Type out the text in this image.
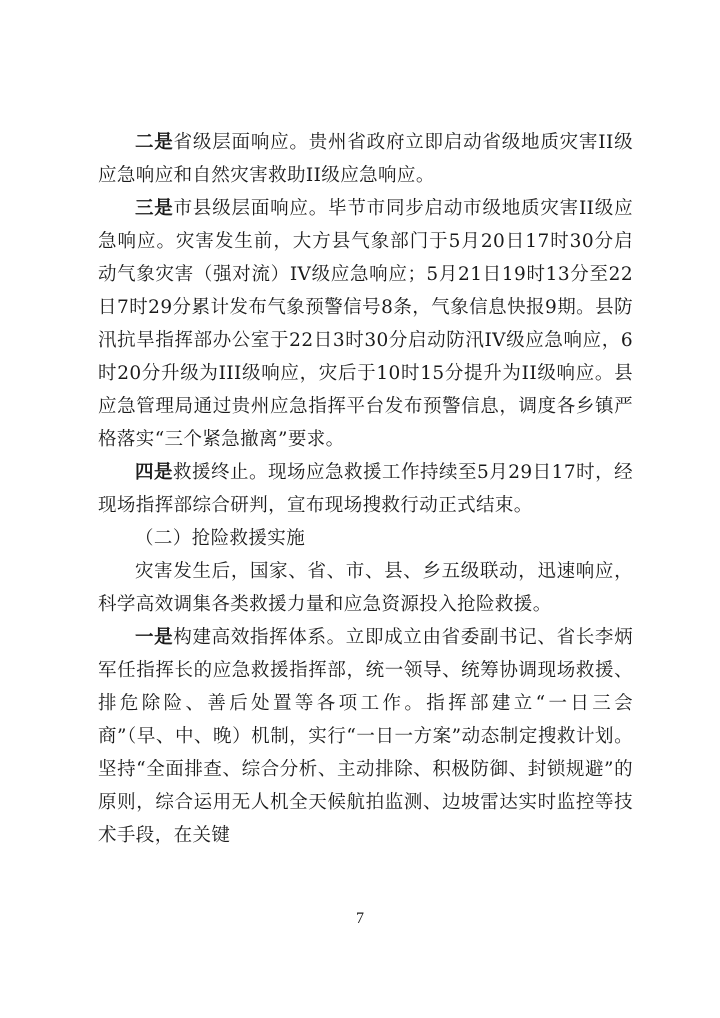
二是省级层面响应。贵州省政府立即启动省级地质灾害II级应急响应和自然灾害救助II级应急响应。

三是市县级层面响应。毕节市同步启动市级地质灾害II级应急响应。灾害发生前，大方县气象部门于5月20日17时30分启动气象灾害（强对流）IV级应急响应；5月21日19时13分至22日7时29分累计发布气象预警信号8条，气象信息快报9期。县防汛抗旱指挥部办公室于22日3时30分启动防汛IV级应急响应，6时20分升级为III级响应，灾后于10时15分提升为II级响应。县应急管理局通过贵州应急指挥平台发布预警信息，调度各乡镇严格落实“三个紧急撤离”要求。

四是救援终止。现场应急救援工作持续至5月29日17时，经现场指挥部综合研判，宣布现场搜救行动正式结束。

（二）抢险救援实施

灾害发生后，国家、省、市、县、乡五级联动，迅速响应，科学高效调集各类救援力量和应急资源投入抢险救援。

一是构建高效指挥体系。立即成立由省委副书记、省长李炳军任指挥长的应急救援指挥部，统一领导、统筹协调现场救援、排危除险、善后处置等各项工作。指挥部建立“一日三会商”（早、中、晚）机制，实行“一日一方案”动态制定搜救计划。坚持“全面排查、综合分析、主动排除、积极防御、封锁规避”的原则，综合运用无人机全天候航拍监测、边坡雷达实时监控等技术手段，在关键

7
